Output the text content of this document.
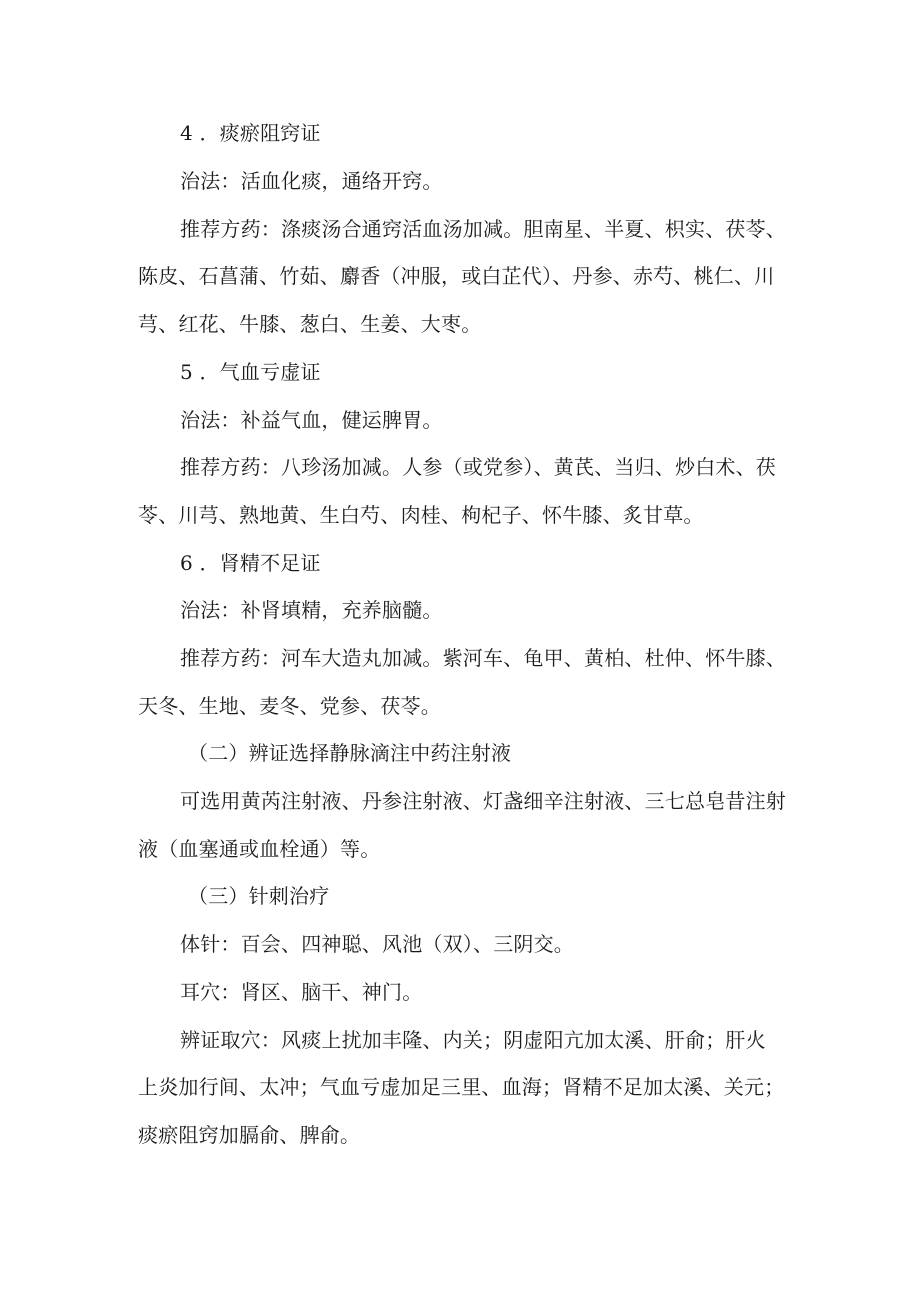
4 ．痰瘀阻窍证
治法：活血化痰，通络开窍。
推荐方药：涤痰汤合通窍活血汤加减。胆南星、半夏、枳实、茯苓、
陈皮、石菖蒲、竹茹、麝香（冲服，或白芷代）、丹参、赤芍、桃仁、川
芎、红花、牛膝、葱白、生姜、大枣。
5 ．气血亏虚证
治法：补益气血，健运脾胃。
推荐方药：八珍汤加减。人参（或党参）、黄芪、当归、炒白术、茯
苓、川芎、熟地黄、生白芍、肉桂、枸杞子、怀牛膝、炙甘草。
6 ．肾精不足证
治法：补肾填精，充养脑髓。
推荐方药：河车大造丸加减。紫河车、龟甲、黄柏、杜仲、怀牛膝、
天冬、生地、麦冬、党参、茯苓。
（二）辨证选择静脉滴注中药注射液
可选用黄芮注射液、丹参注射液、灯盏细辛注射液、三七总皂昔注射
液（血塞通或血栓通）等。
（三）针刺治疗
体针：百会、四神聪、风池（双）、三阴交。
耳穴：肾区、脑干、神门。
辨证取穴：风痰上扰加丰隆、内关；阴虚阳亢加太溪、肝俞；肝火
上炎加行间、太冲；气血亏虚加足三里、血海；肾精不足加太溪、关元；
痰瘀阻窍加膈俞、脾俞。
